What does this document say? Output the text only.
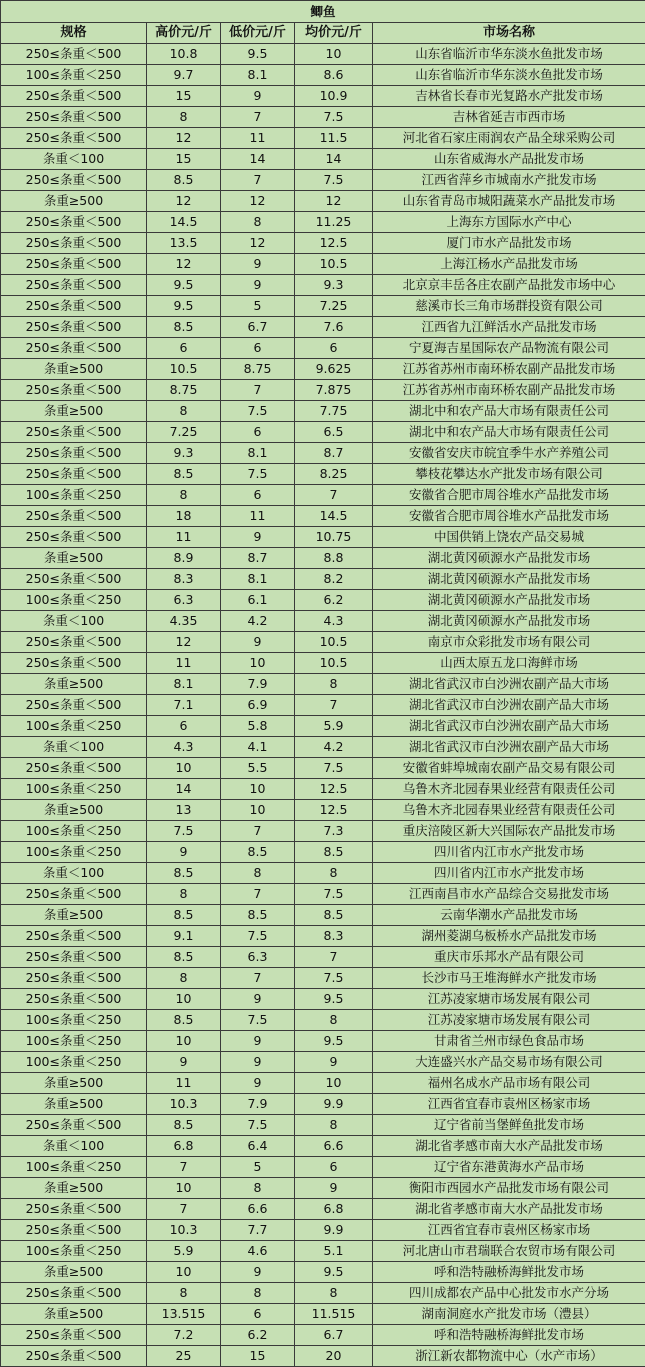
鲫鱼				
规格	高价元/斤	低价元/斤	均价元/斤	市场名称
250≤条重＜500	10.8	9.5	10	山东省临沂市华东淡水鱼批发市场
100≤条重＜250	9.7	8.1	8.6	山东省临沂市华东淡水鱼批发市场
250≤条重＜500	15	9	10.9	吉林省长春市光复路水产批发市场
250≤条重＜500	8	7	7.5	吉林省延吉市西市场
250≤条重＜500	12	11	11.5	河北省石家庄雨润农产品全球采购公司
条重＜100	15	14	14	山东省威海水产品批发市场
250≤条重＜500	8.5	7	7.5	江西省萍乡市城南水产批发市场
条重≥500	12	12	12	山东省青岛市城阳蔬菜水产品批发市场
250≤条重＜500	14.5	8	11.25	上海东方国际水产中心
250≤条重＜500	13.5	12	12.5	厦门市水产品批发市场
250≤条重＜500	12	9	10.5	上海江杨水产品批发市场
250≤条重＜500	9.5	9	9.3	北京京丰岳各庄农副产品批发市场中心
250≤条重＜500	9.5	5	7.25	慈溪市长三角市场群投资有限公司
250≤条重＜500	8.5	6.7	7.6	江西省九江鲜活水产品批发市场
250≤条重＜500	6	6	6	宁夏海吉星国际农产品物流有限公司
条重≥500	10.5	8.75	9.625	江苏省苏州市南环桥农副产品批发市场
250≤条重＜500	8.75	7	7.875	江苏省苏州市南环桥农副产品批发市场
条重≥500	8	7.5	7.75	湖北中和农产品大市场有限责任公司
250≤条重＜500	7.25	6	6.5	湖北中和农产品大市场有限责任公司
250≤条重＜500	9.3	8.1	8.7	安徽省安庆市皖宜季牛水产养殖公司
250≤条重＜500	8.5	7.5	8.25	攀枝花攀达水产批发市场有限公司
100≤条重＜250	8	6	7	安徽省合肥市周谷堆水产品批发市场
250≤条重＜500	18	11	14.5	安徽省合肥市周谷堆水产品批发市场
250≤条重＜500	11	9	10.75	中国供销上饶农产品交易城
条重≥500	8.9	8.7	8.8	湖北黄冈硕源水产品批发市场
250≤条重＜500	8.3	8.1	8.2	湖北黄冈硕源水产品批发市场
100≤条重＜250	6.3	6.1	6.2	湖北黄冈硕源水产品批发市场
条重＜100	4.35	4.2	4.3	湖北黄冈硕源水产品批发市场
250≤条重＜500	12	9	10.5	南京市众彩批发市场有限公司
250≤条重＜500	11	10	10.5	山西太原五龙口海鲜市场
条重≥500	8.1	7.9	8	湖北省武汉市白沙洲农副产品大市场
250≤条重＜500	7.1	6.9	7	湖北省武汉市白沙洲农副产品大市场
100≤条重＜250	6	5.8	5.9	湖北省武汉市白沙洲农副产品大市场
条重＜100	4.3	4.1	4.2	湖北省武汉市白沙洲农副产品大市场
250≤条重＜500	10	5.5	7.5	安徽省蚌埠城南农副产品交易有限公司
100≤条重＜250	14	10	12.5	乌鲁木齐北园春果业经营有限责任公司
条重≥500	13	10	12.5	乌鲁木齐北园春果业经营有限责任公司
100≤条重＜250	7.5	7	7.3	重庆涪陵区新大兴国际农产品批发市场
100≤条重＜250	9	8.5	8.5	四川省内江市水产批发市场
条重＜100	8.5	8	8	四川省内江市水产批发市场
250≤条重＜500	8	7	7.5	江西南昌市水产品综合交易批发市场
条重≥500	8.5	8.5	8.5	云南华潮水产品批发市场
250≤条重＜500	9.1	7.5	8.3	湖州菱湖乌板桥水产品批发市场
250≤条重＜500	8.5	6.3	7	重庆市乐邦水产品有限公司
250≤条重＜500	8	7	7.5	长沙市马王堆海鲜水产批发市场
250≤条重＜500	10	9	9.5	江苏凌家塘市场发展有限公司
100≤条重＜250	8.5	7.5	8	江苏凌家塘市场发展有限公司
100≤条重＜250	10	9	9.5	甘肃省兰州市绿色食品市场
100≤条重＜250	9	9	9	大连盛兴水产品交易市场有限公司
条重≥500	11	9	10	福州名成水产品市场有限公司
条重≥500	10.3	7.9	9.9	江西省宜春市袁州区杨家市场
250≤条重＜500	8.5	7.5	8	辽宁省前当堡鲜鱼批发市场
条重＜100	6.8	6.4	6.6	湖北省孝感市南大水产品批发市场
100≤条重＜250	7	5	6	辽宁省东港黄海水产品市场
条重≥500	10	8	9	衡阳市西园水产品批发市场有限公司
250≤条重＜500	7	6.6	6.8	湖北省孝感市南大水产品批发市场
250≤条重＜500	10.3	7.7	9.9	江西省宜春市袁州区杨家市场
100≤条重＜250	5.9	4.6	5.1	河北唐山市君瑞联合农贸市场有限公司
条重≥500	10	9	9.5	呼和浩特融桥海鲜批发市场
250≤条重＜500	8	8	8	四川成都农产品中心批发市水产分场
条重≥500	13.515	6	11.515	湖南洞庭水产批发市场（澧县）
250≤条重＜500	7.2	6.2	6.7	呼和浩特融桥海鲜批发市场
250≤条重＜500	25	15	20	浙江新农都物流中心（水产市场）
